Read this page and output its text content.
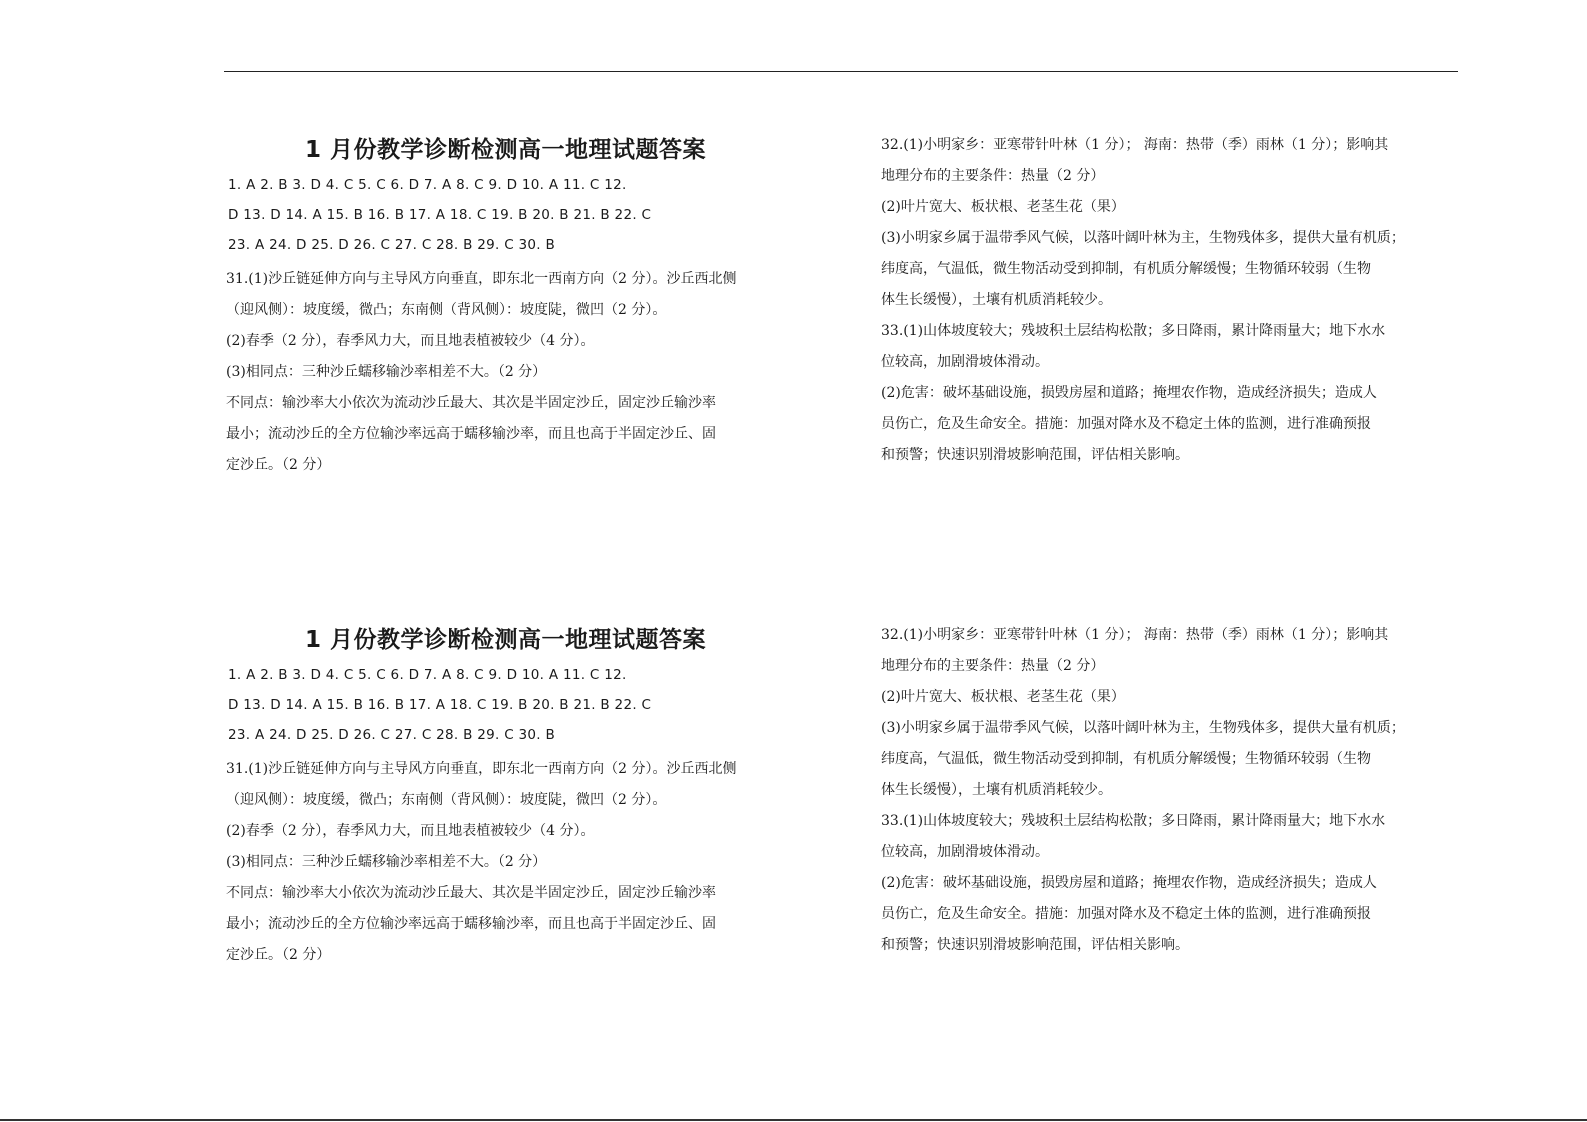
1 月份教学诊断检测高一地理试题答案
1. A 2. B 3. D 4. C 5. C 6. D 7. A 8. C 9. D 10. A 11. C 12.
D 13. D 14. A 15. B 16. B 17. A 18. C 19. B 20. B 21. B 22. C
23. A 24. D 25. D 26. C 27. C 28. B 29. C 30. B

31.(1)沙丘链延伸方向与主导风方向垂直，即东北一西南方向（2 分）。沙丘西北侧

（迎风侧）：坡度缓，微凸；东南侧（背风侧）：坡度陡，微凹（2 分）。

(2)春季（2 分），春季风力大，而且地表植被较少（4 分）。

(3)相同点：三种沙丘蠕移输沙率相差不大。（2 分）

不同点：输沙率大小依次为流动沙丘最大、其次是半固定沙丘，固定沙丘输沙率

最小；流动沙丘的全方位输沙率远高于蠕移输沙率，而且也高于半固定沙丘、固

定沙丘。（2 分）

32.(1)小明家乡：亚寒带针叶林（1 分）； 海南：热带（季）雨林（1 分）；影响其

地理分布的主要条件：热量（2 分）

(2)叶片宽大、板状根、老茎生花（果）

(3)小明家乡属于温带季风气候，以落叶阔叶林为主，生物残体多，提供大量有机质；

纬度高，气温低，微生物活动受到抑制，有机质分解缓慢；生物循环较弱（生物

体生长缓慢），土壤有机质消耗较少。

33.(1)山体坡度较大；残坡积土层结构松散；多日降雨，累计降雨量大；地下水水

位较高，加剧滑坡体滑动。

(2)危害：破坏基础设施，损毁房屋和道路；掩埋农作物，造成经济损失；造成人

员伤亡，危及生命安全。措施：加强对降水及不稳定土体的监测，进行准确预报

和预警；快速识别滑坡影响范围，评估相关影响。

1 月份教学诊断检测高一地理试题答案
1. A 2. B 3. D 4. C 5. C 6. D 7. A 8. C 9. D 10. A 11. C 12.
D 13. D 14. A 15. B 16. B 17. A 18. C 19. B 20. B 21. B 22. C
23. A 24. D 25. D 26. C 27. C 28. B 29. C 30. B

31.(1)沙丘链延伸方向与主导风方向垂直，即东北一西南方向（2 分）。沙丘西北侧

（迎风侧）：坡度缓，微凸；东南侧（背风侧）：坡度陡，微凹（2 分）。

(2)春季（2 分），春季风力大，而且地表植被较少（4 分）。

(3)相同点：三种沙丘蠕移输沙率相差不大。（2 分）

不同点：输沙率大小依次为流动沙丘最大、其次是半固定沙丘，固定沙丘输沙率

最小；流动沙丘的全方位输沙率远高于蠕移输沙率，而且也高于半固定沙丘、固

定沙丘。（2 分）

32.(1)小明家乡：亚寒带针叶林（1 分）； 海南：热带（季）雨林（1 分）；影响其

地理分布的主要条件：热量（2 分）

(2)叶片宽大、板状根、老茎生花（果）

(3)小明家乡属于温带季风气候，以落叶阔叶林为主，生物残体多，提供大量有机质；

纬度高，气温低，微生物活动受到抑制，有机质分解缓慢；生物循环较弱（生物

体生长缓慢），土壤有机质消耗较少。

33.(1)山体坡度较大；残坡积土层结构松散；多日降雨，累计降雨量大；地下水水

位较高，加剧滑坡体滑动。

(2)危害：破坏基础设施，损毁房屋和道路；掩埋农作物，造成经济损失；造成人

员伤亡，危及生命安全。措施：加强对降水及不稳定土体的监测，进行准确预报

和预警；快速识别滑坡影响范围，评估相关影响。
